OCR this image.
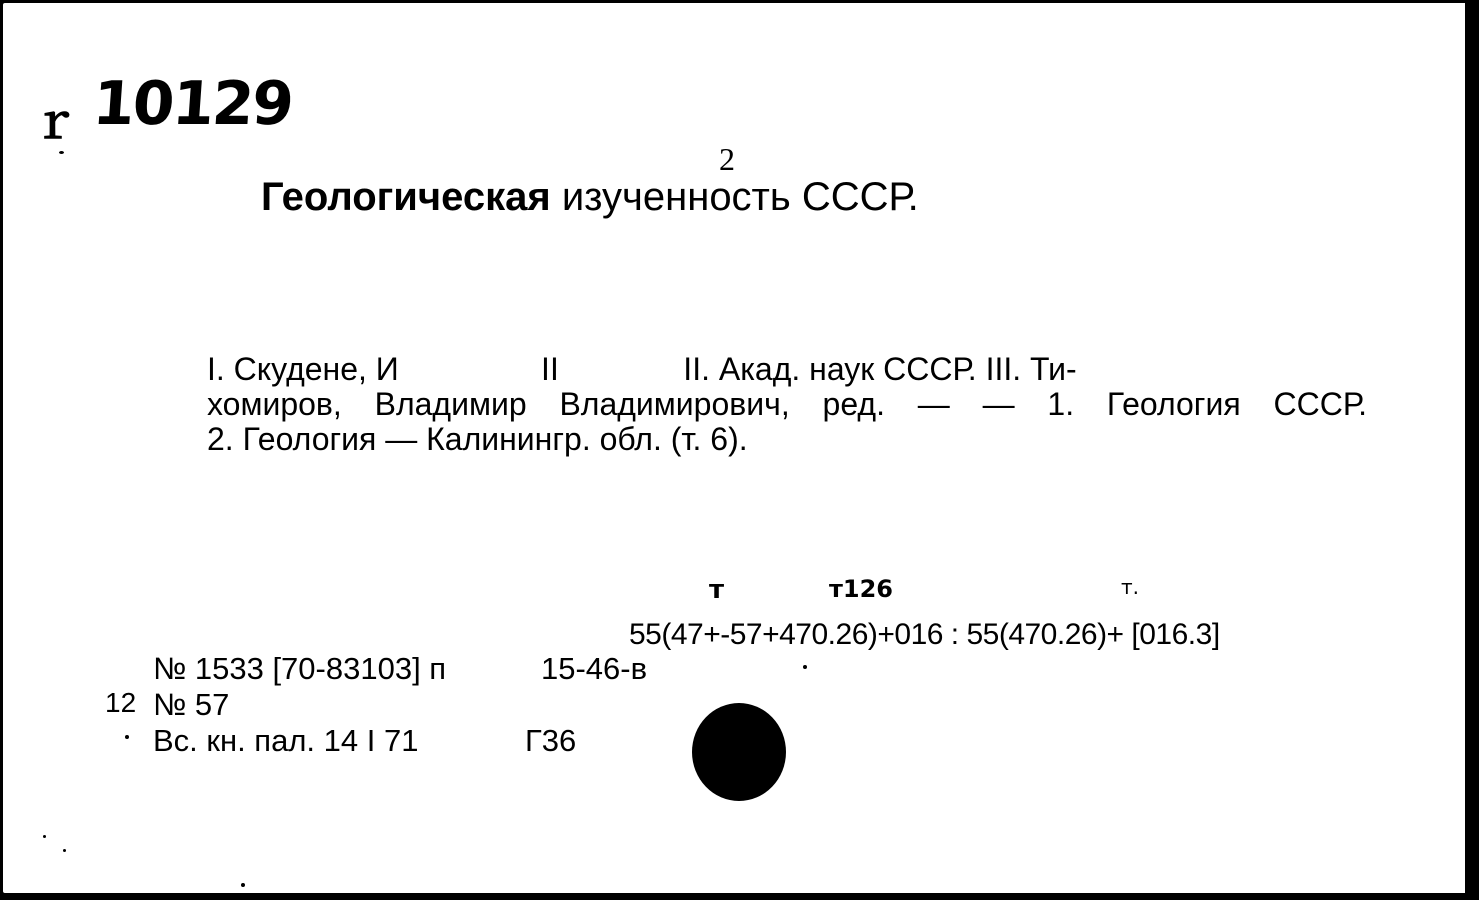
ｒ 10129
2
Геологическая изученность СССР.
I. Скудене, И                II              II. Акад. наук СССР. III. Ти-
хомиров, Владимир Владимирович, ред. — — 1. Геология СССР.
2. Геология — Калинингр. обл. (т. 6).
т	т126	т.
55(47+-57+470.26)+016 : 55(470.26)+ [016.3]
№ 1533 [70-83103] п	15-46-в
12 № 57
Вс. кн. пал. 14 I 71	Г36
